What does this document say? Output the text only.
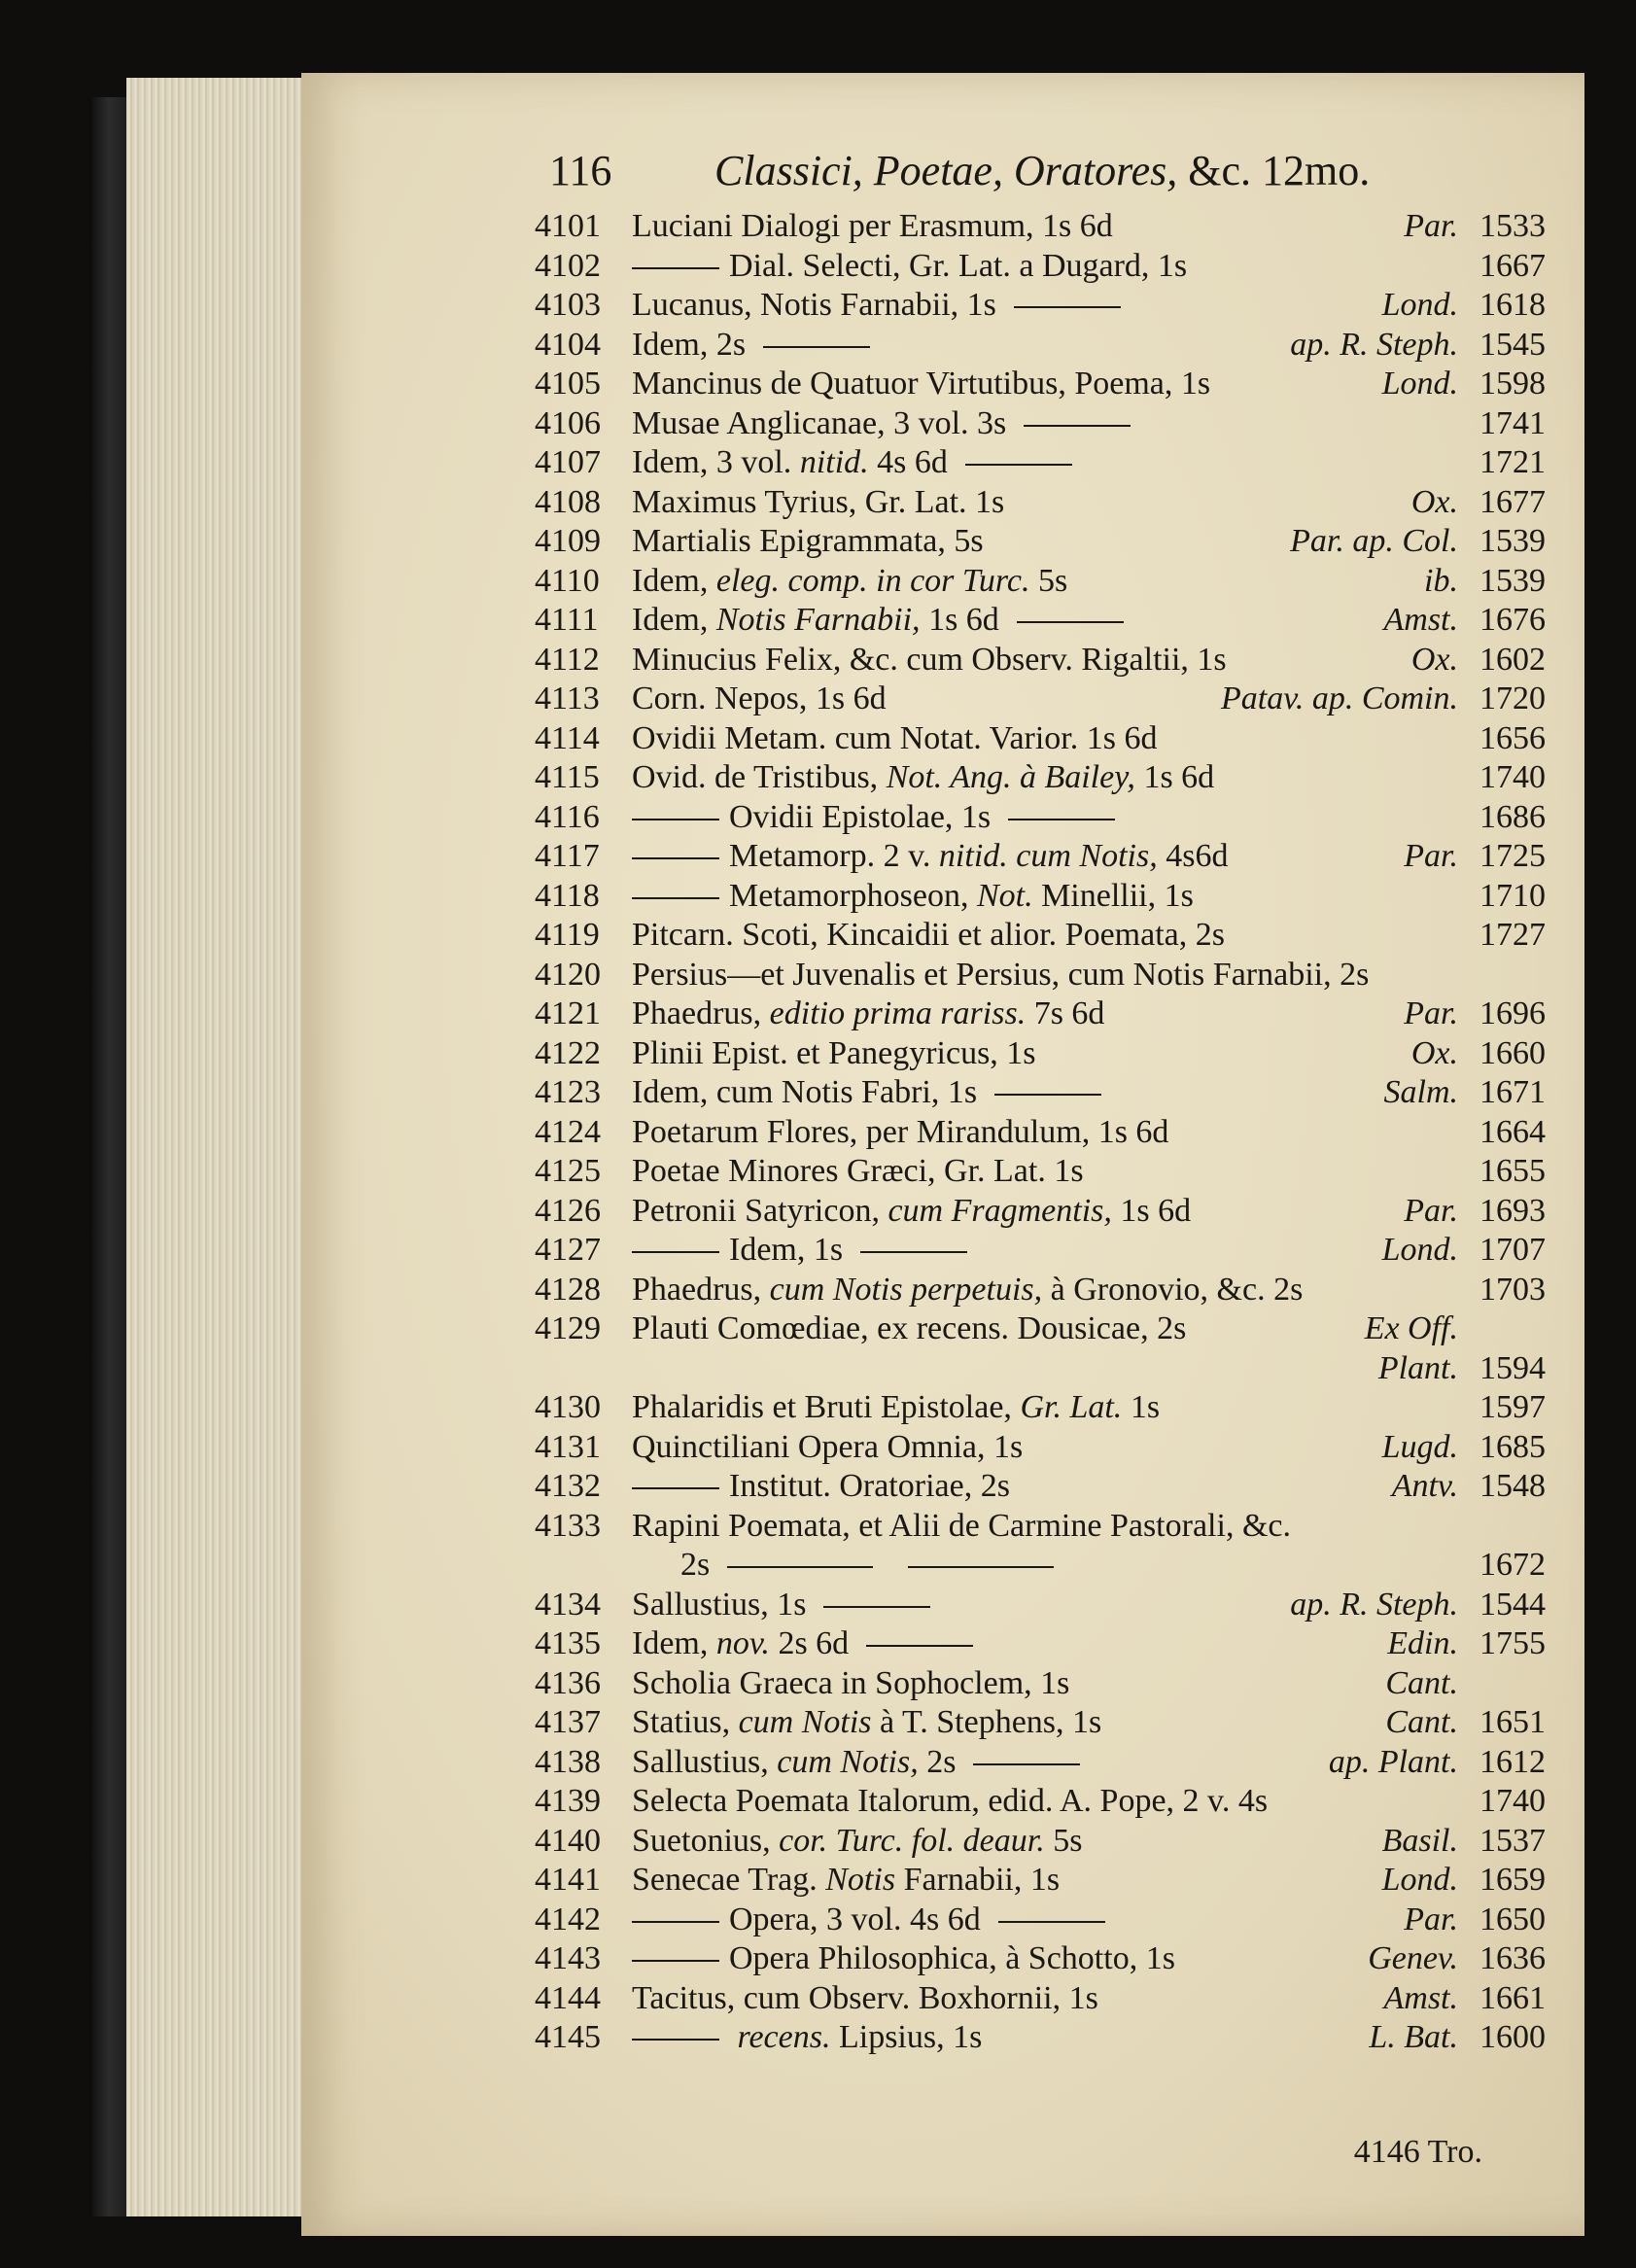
116 Classici, Poetae, Oratores, &c. 12mo.
4101 Luciani Dialogi per Erasmum, 1s 6d	Par. 1533
4102	Dial. Selecti, Gr. Lat. a Dugard, 1s	1667
4103 Lucanus, Notis Farnabii, 1s	Lond. 1618
4104 Idem, 2s	ap. R. Steph. 1545
4105 Mancinus de Quatuor Virtutibus, Poema, 1s	Lond. 1598
4106 Musae Anglicanae, 3 vol. 3s	1741
4107 Idem, 3 vol. nitid. 4s 6d	1721
4108 Maximus Tyrius, Gr. Lat. 1s	Ox. 1677
4109 Martialis Epigrammata, 5s	Par. ap. Col. 1539
4110 Idem, eleg. comp. in cor Turc. 5s	ib. 1539
4111	Idem, Notis Farnabii, 1s 6d	Amst. 1676
4112 Minucius Felix, &c. cum Observ. Rigaltii, 1s	Ox. 1602
4113 Corn. Nepos, 1s 6d	Patav. ap. Comin. 1720
4114 Ovidii Metam. cum Notat. Varior. 1s 6d	1656
4115 Ovid. de Tristibus, Not. Ang. à Bailey, 1s 6d	1740
4116	Ovidii Epistolae, 1s	1686
4117	Metamorp. 2 v. nitid. cum Notis, 4s6d	Par. 1725
4118	Metamorphoseon, Not. Minellii, 1s	1710
4119 Pitcarn. Scoti, Kincaidii et alior. Poemata, 2s	1727
4120 Persius—et Juvenalis et Persius, cum Notis Farnabii, 2s
4121 Phaedrus, editio prima rariss. 7s 6d	Par. 1696
4122 Plinii Epist. et Panegyricus, 1s	Ox. 1660
4123 Idem, cum Notis Fabri, 1s	Salm. 1671
4124 Poetarum Flores, per Mirandulum, 1s 6d	1664
4125 Poetae Minores Græci, Gr. Lat. 1s	1655
4126 Petronii Satyricon, cum Fragmentis, 1s 6d	Par. 1693
4127	Idem, 1s	Lond. 1707
4128 Phaedrus, cum Notis perpetuis, à Gronovio, &c. 2s	1703
4129 Plauti Comœdiae, ex recens. Dousicae, 2s	Ex Off.
Plant. 1594
4130 Phalaridis et Bruti Epistolae, Gr. Lat. 1s	1597
4131 Quinctiliani Opera Omnia, 1s	Lugd. 1685
4132	Institut. Oratoriae, 2s	Antv. 1548
4133 Rapini Poemata, et Alii de Carmine Pastorali, &c.
2s	1672
4134 Sallustius, 1s	ap. R. Steph. 1544
4135 Idem, nov. 2s 6d	Edin. 1755
4136 Scholia Graeca in Sophoclem, 1s	Cant.
4137 Statius, cum Notis à T. Stephens, 1s	Cant. 1651
4138 Sallustius, cum Notis, 2s	ap. Plant. 1612
4139 Selecta Poemata Italorum, edid. A. Pope, 2 v. 4s	1740
4140 Suetonius, cor. Turc. fol. deaur. 5s	Basil. 1537
4141 Senecae Trag. Notis Farnabii, 1s	Lond. 1659
4142	Opera, 3 vol. 4s 6d	Par. 1650
4143	Opera Philosophica, à Schotto, 1s	Genev. 1636
4144 Tacitus, cum Observ. Boxhornii, 1s	Amst. 1661
4145	recens. Lipsius, 1s	L. Bat. 1600
4146 Tro.
